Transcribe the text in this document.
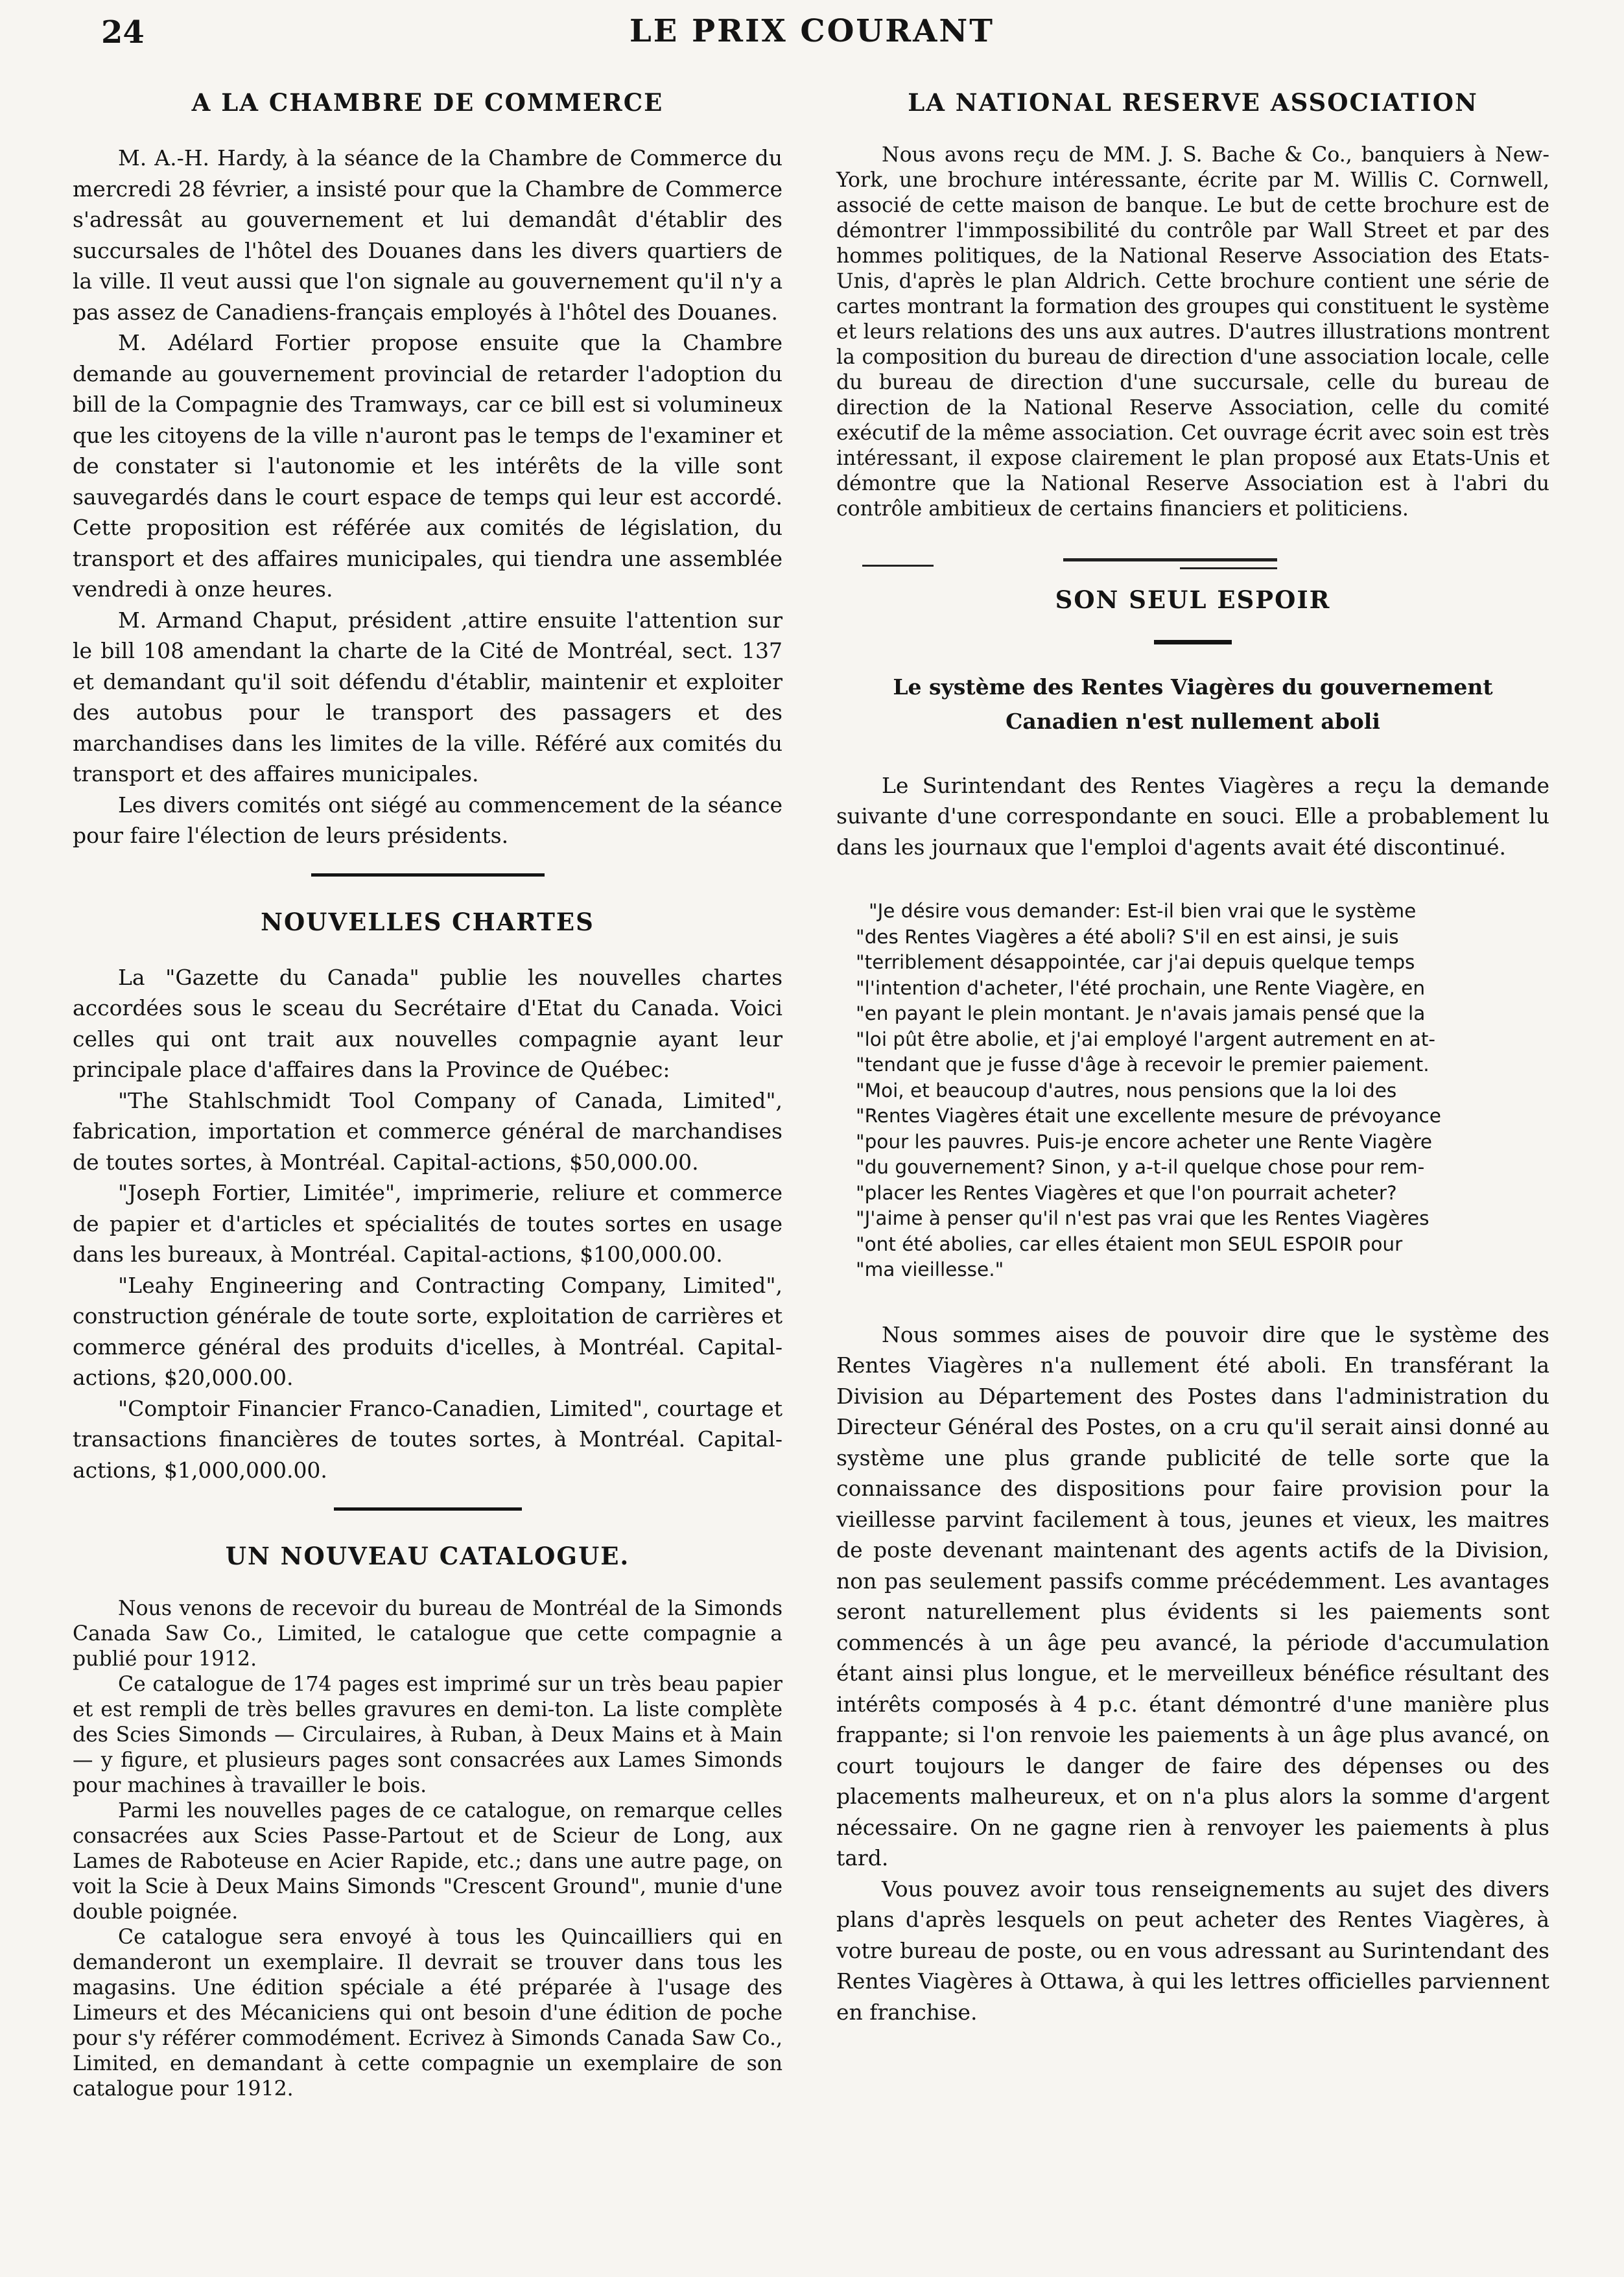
24	LE PRIX COURANT
A LA CHAMBRE DE COMMERCE

M. A.-H. Hardy, à la séance de la Chambre de Commerce du mercredi 28 février, a insisté pour que la Chambre de Commerce s'adressât au gouvernement et lui demandât d'établir des succursales de l'hôtel des Douanes dans les divers quartiers de la ville. Il veut aussi que l'on signale au gouvernement qu'il n'y a pas assez de Canadiens-français employés à l'hôtel des Douanes.

M. Adélard Fortier propose ensuite que la Chambre demande au gouvernement provincial de retarder l'adoption du bill de la Compagnie des Tramways, car ce bill est si volumineux que les citoyens de la ville n'auront pas le temps de l'examiner et de constater si l'autonomie et les intérêts de la ville sont sauvegardés dans le court espace de temps qui leur est accordé. Cette proposition est référée aux comités de législation, du transport et des affaires municipales, qui tiendra une assemblée vendredi à onze heures.

M. Armand Chaput, président ,attire ensuite l'attention sur le bill 108 amendant la charte de la Cité de Montréal, sect. 137 et demandant qu'il soit défendu d'établir, maintenir et exploiter des autobus pour le transport des passagers et des marchandises dans les limites de la ville. Référé aux comités du transport et des affaires municipales.

Les divers comités ont siégé au commencement de la séance pour faire l'élection de leurs présidents.

NOUVELLES CHARTES

La "Gazette du Canada" publie les nouvelles chartes accordées sous le sceau du Secrétaire d'Etat du Canada. Voici celles qui ont trait aux nouvelles compagnie ayant leur principale place d'affaires dans la Province de Québec:

"The Stahlschmidt Tool Company of Canada, Limited", fabrication, importation et commerce général de marchandises de toutes sortes, à Montréal. Capital-actions, $50,000.00.

"Joseph Fortier, Limitée", imprimerie, reliure et commerce de papier et d'articles et spécialités de toutes sortes en usage dans les bureaux, à Montréal. Capital-actions, $100,000.00.

"Leahy Engineering and Contracting Company, Limited", construction générale de toute sorte, exploitation de carrières et commerce général des produits d'icelles, à Montréal. Capital-actions, $20,000.00.

"Comptoir Financier Franco-Canadien, Limited", courtage et transactions financières de toutes sortes, à Montréal. Capital-actions, $1,000,000.00.

UN NOUVEAU CATALOGUE.

Nous venons de recevoir du bureau de Montréal de la Simonds Canada Saw Co., Limited, le catalogue que cette compagnie a publié pour 1912.

Ce catalogue de 174 pages est imprimé sur un très beau papier et est rempli de très belles gravures en demi-ton. La liste complète des Scies Simonds — Circulaires, à Ruban, à Deux Mains et à Main — y figure, et plusieurs pages sont consacrées aux Lames Simonds pour machines à travailler le bois.

Parmi les nouvelles pages de ce catalogue, on remarque celles consacrées aux Scies Passe-Partout et de Scieur de Long, aux Lames de Raboteuse en Acier Rapide, etc.; dans une autre page, on voit la Scie à Deux Mains Simonds "Crescent Ground", munie d'une double poignée.

Ce catalogue sera envoyé à tous les Quincailliers qui en demanderont un exemplaire. Il devrait se trouver dans tous les magasins. Une édition spéciale a été préparée à l'usage des Limeurs et des Mécaniciens qui ont besoin d'une édition de poche pour s'y référer commodément. Ecrivez à Simonds Canada Saw Co., Limited, en demandant à cette compagnie un exemplaire de son catalogue pour 1912.

LA NATIONAL RESERVE ASSOCIATION

Nous avons reçu de MM. J. S. Bache & Co., banquiers à New-York, une brochure intéressante, écrite par M. Willis C. Cornwell, associé de cette maison de banque. Le but de cette brochure est de démontrer l'immpossibilité du contrôle par Wall Street et par des hommes politiques, de la National Reserve Association des Etats-Unis, d'après le plan Aldrich. Cette brochure contient une série de cartes montrant la formation des groupes qui constituent le système et leurs relations des uns aux autres. D'autres illustrations montrent la composition du bureau de direction d'une association locale, celle du bureau de direction d'une succursale, celle du bureau de direction de la National Reserve Association, celle du comité exécutif de la même association. Cet ouvrage écrit avec soin est très intéressant, il expose clairement le plan proposé aux Etats-Unis et démontre que la National Reserve Association est à l'abri du contrôle ambitieux de certains financiers et politiciens.

SON SEUL ESPOIR
Le système des Rentes Viagères du gouvernement Canadien n'est nullement aboli

Le Surintendant des Rentes Viagères a reçu la demande suivante d'une correspondante en souci. Elle a probablement lu dans les journaux que l'emploi d'agents avait été discontinué.

"Je désire vous demander: Est-il bien vrai que le système

"des Rentes Viagères a été aboli? S'il en est ainsi, je suis

"terriblement désappointée, car j'ai depuis quelque temps

"l'intention d'acheter, l'été prochain, une Rente Viagère, en

"en payant le plein montant. Je n'avais jamais pensé que la

"loi pût être abolie, et j'ai employé l'argent autrement en at-

"tendant que je fusse d'âge à recevoir le premier paiement.

"Moi, et beaucoup d'autres, nous pensions que la loi des

"Rentes Viagères était une excellente mesure de prévoyance

"pour les pauvres. Puis-je encore acheter une Rente Viagère

"du gouvernement? Sinon, y a-t-il quelque chose pour rem-

"placer les Rentes Viagères et que l'on pourrait acheter?

"J'aime à penser qu'il n'est pas vrai que les Rentes Viagères

"ont été abolies, car elles étaient mon SEUL ESPOIR pour

"ma vieillesse."

Nous sommes aises de pouvoir dire que le système des Rentes Viagères n'a nullement été aboli. En transférant la Division au Département des Postes dans l'administration du Directeur Général des Postes, on a cru qu'il serait ainsi donné au système une plus grande publicité de telle sorte que la connaissance des dispositions pour faire provision pour la vieillesse parvint facilement à tous, jeunes et vieux, les maitres de poste devenant maintenant des agents actifs de la Division, non pas seulement passifs comme précédemment. Les avantages seront naturellement plus évidents si les paiements sont commencés à un âge peu avancé, la période d'accumulation étant ainsi plus longue, et le merveilleux bénéfice résultant des intérêts composés à 4 p.c. étant démontré d'une manière plus frappante; si l'on renvoie les paiements à un âge plus avancé, on court toujours le danger de faire des dépenses ou des placements malheureux, et on n'a plus alors la somme d'argent nécessaire. On ne gagne rien à renvoyer les paiements à plus tard.

Vous pouvez avoir tous renseignements au sujet des divers plans d'après lesquels on peut acheter des Rentes Viagères, à votre bureau de poste, ou en vous adressant au Surintendant des Rentes Viagères à Ottawa, à qui les lettres officielles parviennent en franchise.
